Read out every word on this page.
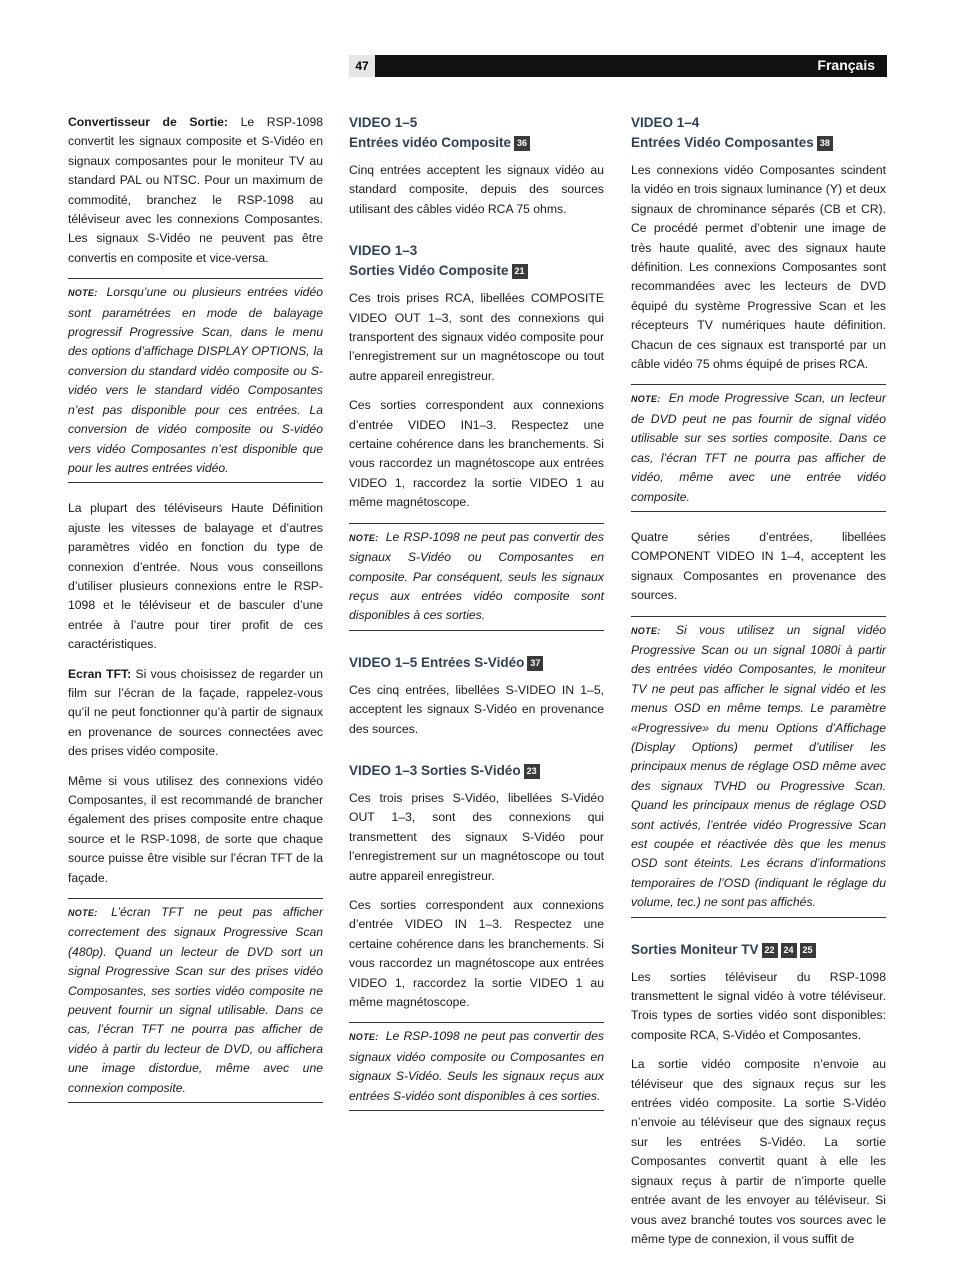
47	Français

Convertisseur de Sortie: Le RSP-1098 convertit les signaux composite et S-Vidéo en signaux composantes pour le moniteur TV au standard PAL ou NTSC. Pour un maximum de commodité, branchez le RSP-1098 au téléviseur avec les connexions Composantes. Les signaux S-Vidéo ne peuvent pas être convertis en composite et vice-versa.

NOTE: Lorsqu’une ou plusieurs entrées vidéo sont paramétrées en mode de balayage progressif Progressive Scan, dans le menu des options d’affichage DISPLAY OPTIONS, la conversion du standard vidéo composite ou S-vidéo vers le standard vidéo Composantes n’est pas disponible pour ces entrées. La conversion de vidéo composite ou S-vidéo vers vidéo Composantes n’est disponible que pour les autres entrées vidéo.

La plupart des téléviseurs Haute Définition ajuste les vitesses de balayage et d’autres paramètres vidéo en fonction du type de connexion d’entrée. Nous vous conseillons d’utiliser plusieurs connexions entre le RSP-1098 et le téléviseur et de basculer d’une entrée à l’autre pour tirer profit de ces caractéristiques.

Ecran TFT: Si vous choisissez de regarder un film sur l’écran de la façade, rappelez-vous qu’il ne peut fonctionner qu’à partir de signaux en provenance de sources connectées avec des prises vidéo composite.

Même si vous utilisez des connexions vidéo Composantes, il est recommandé de brancher également des prises composite entre chaque source et le RSP-1098, de sorte que chaque source puisse être visible sur l’écran TFT de la façade.

NOTE: L’écran TFT ne peut pas afficher correctement des signaux Progressive Scan (480p). Quand un lecteur de DVD sort un signal Progressive Scan sur des prises vidéo Composantes, ses sorties vidéo composite ne peuvent fournir un signal utilisable. Dans ce cas, l’écran TFT ne pourra pas afficher de vidéo à partir du lecteur de DVD, ou affichera une image distordue, même avec une connexion composite.
VIDEO 1–5
Entrées vidéo Composite 36

Cinq entrées acceptent les signaux vidéo au standard composite, depuis des sources utilisant des câbles vidéo RCA 75 ohms.

VIDEO 1–3
Sorties Vidéo Composite 21

Ces trois prises RCA, libellées COMPOSITE VIDEO OUT 1–3, sont des connexions qui transportent des signaux vidéo composite pour l’enregistrement sur un magnétoscope ou tout autre appareil enregistreur.

Ces sorties correspondent aux connexions d’entrée VIDEO IN1–3. Respectez une certaine cohérence dans les branchements. Si vous raccordez un magnétoscope aux entrées VIDEO 1, raccordez la sortie VIDEO 1 au même magnétoscope.

NOTE: Le RSP-1098 ne peut pas convertir des signaux S-Vidéo ou Composantes en composite. Par conséquent, seuls les signaux reçus aux entrées vidéo composite sont disponibles à ces sorties.
VIDEO 1–5 Entrées S-Vidéo 37

Ces cinq entrées, libellées S-VIDEO IN 1–5, acceptent les signaux S-Vidéo en provenance des sources.

VIDEO 1–3 Sorties S-Vidéo 23

Ces trois prises S-Vidéo, libellées S-Vidéo OUT 1–3, sont des connexions qui transmettent des signaux S-Vidéo pour l’enregistrement sur un magnétoscope ou tout autre appareil enregistreur.

Ces sorties correspondent aux connexions d’entrée VIDEO IN 1–3. Respectez une certaine cohérence dans les branchements. Si vous raccordez un magnétoscope aux entrées VIDEO 1, raccordez la sortie VIDEO 1 au même magnétoscope.

NOTE: Le RSP-1098 ne peut pas convertir des signaux vidéo composite ou Composantes en signaux S-Vidéo. Seuls les signaux reçus aux entrées S-vidéo sont disponibles à ces sorties.
VIDEO 1–4
Entrées Vidéo Composantes 38

Les connexions vidéo Composantes scindent la vidéo en trois signaux luminance (Y) et deux signaux de chrominance séparés (CB et CR). Ce procédé permet d’obtenir une image de très haute qualité, avec des signaux haute définition. Les connexions Composantes sont recommandées avec les lecteurs de DVD équipé du système Progressive Scan et les récepteurs TV numériques haute définition. Chacun de ces signaux est transporté par un câble vidéo 75 ohms équipé de prises RCA.

NOTE: En mode Progressive Scan, un lecteur de DVD peut ne pas fournir de signal vidéo utilisable sur ses sorties composite. Dans ce cas, l’écran TFT ne pourra pas afficher de vidéo, même avec une entrée vidéo composite.

Quatre séries d’entrées, libellées COMPONENT VIDEO IN 1–4, acceptent les signaux Composantes en provenance des sources.

NOTE: Si vous utilisez un signal vidéo Progressive Scan ou un signal 1080i à partir des entrées vidéo Composantes, le moniteur TV ne peut pas afficher le signal vidéo et les menus OSD en même temps. Le paramètre «Progressive» du menu Options d’Affichage (Display Options) permet d’utiliser les principaux menus de réglage OSD même avec des signaux TVHD ou Progressive Scan. Quand les principaux menus de réglage OSD sont activés, l’entrée vidéo Progressive Scan est coupée et réactivée dès que les menus OSD sont éteints. Les écrans d’informations temporaires de l’OSD (indiquant le réglage du volume, tec.) ne sont pas affichés.
Sorties Moniteur TV 22 24 25

Les sorties téléviseur du RSP-1098 transmettent le signal vidéo à votre téléviseur. Trois types de sorties vidéo sont disponibles: composite RCA, S-Vidéo et Composantes.

La sortie vidéo composite n’envoie au téléviseur que des signaux reçus sur les entrées vidéo composite. La sortie S-Vidéo n’envoie au téléviseur que des signaux reçus sur les entrées S-Vidéo. La sortie Composantes convertit quant à elle les signaux reçus à partir de n’importe quelle entrée avant de les envoyer au téléviseur. Si vous avez branché toutes vos sources avec le même type de connexion, il vous suffit de
